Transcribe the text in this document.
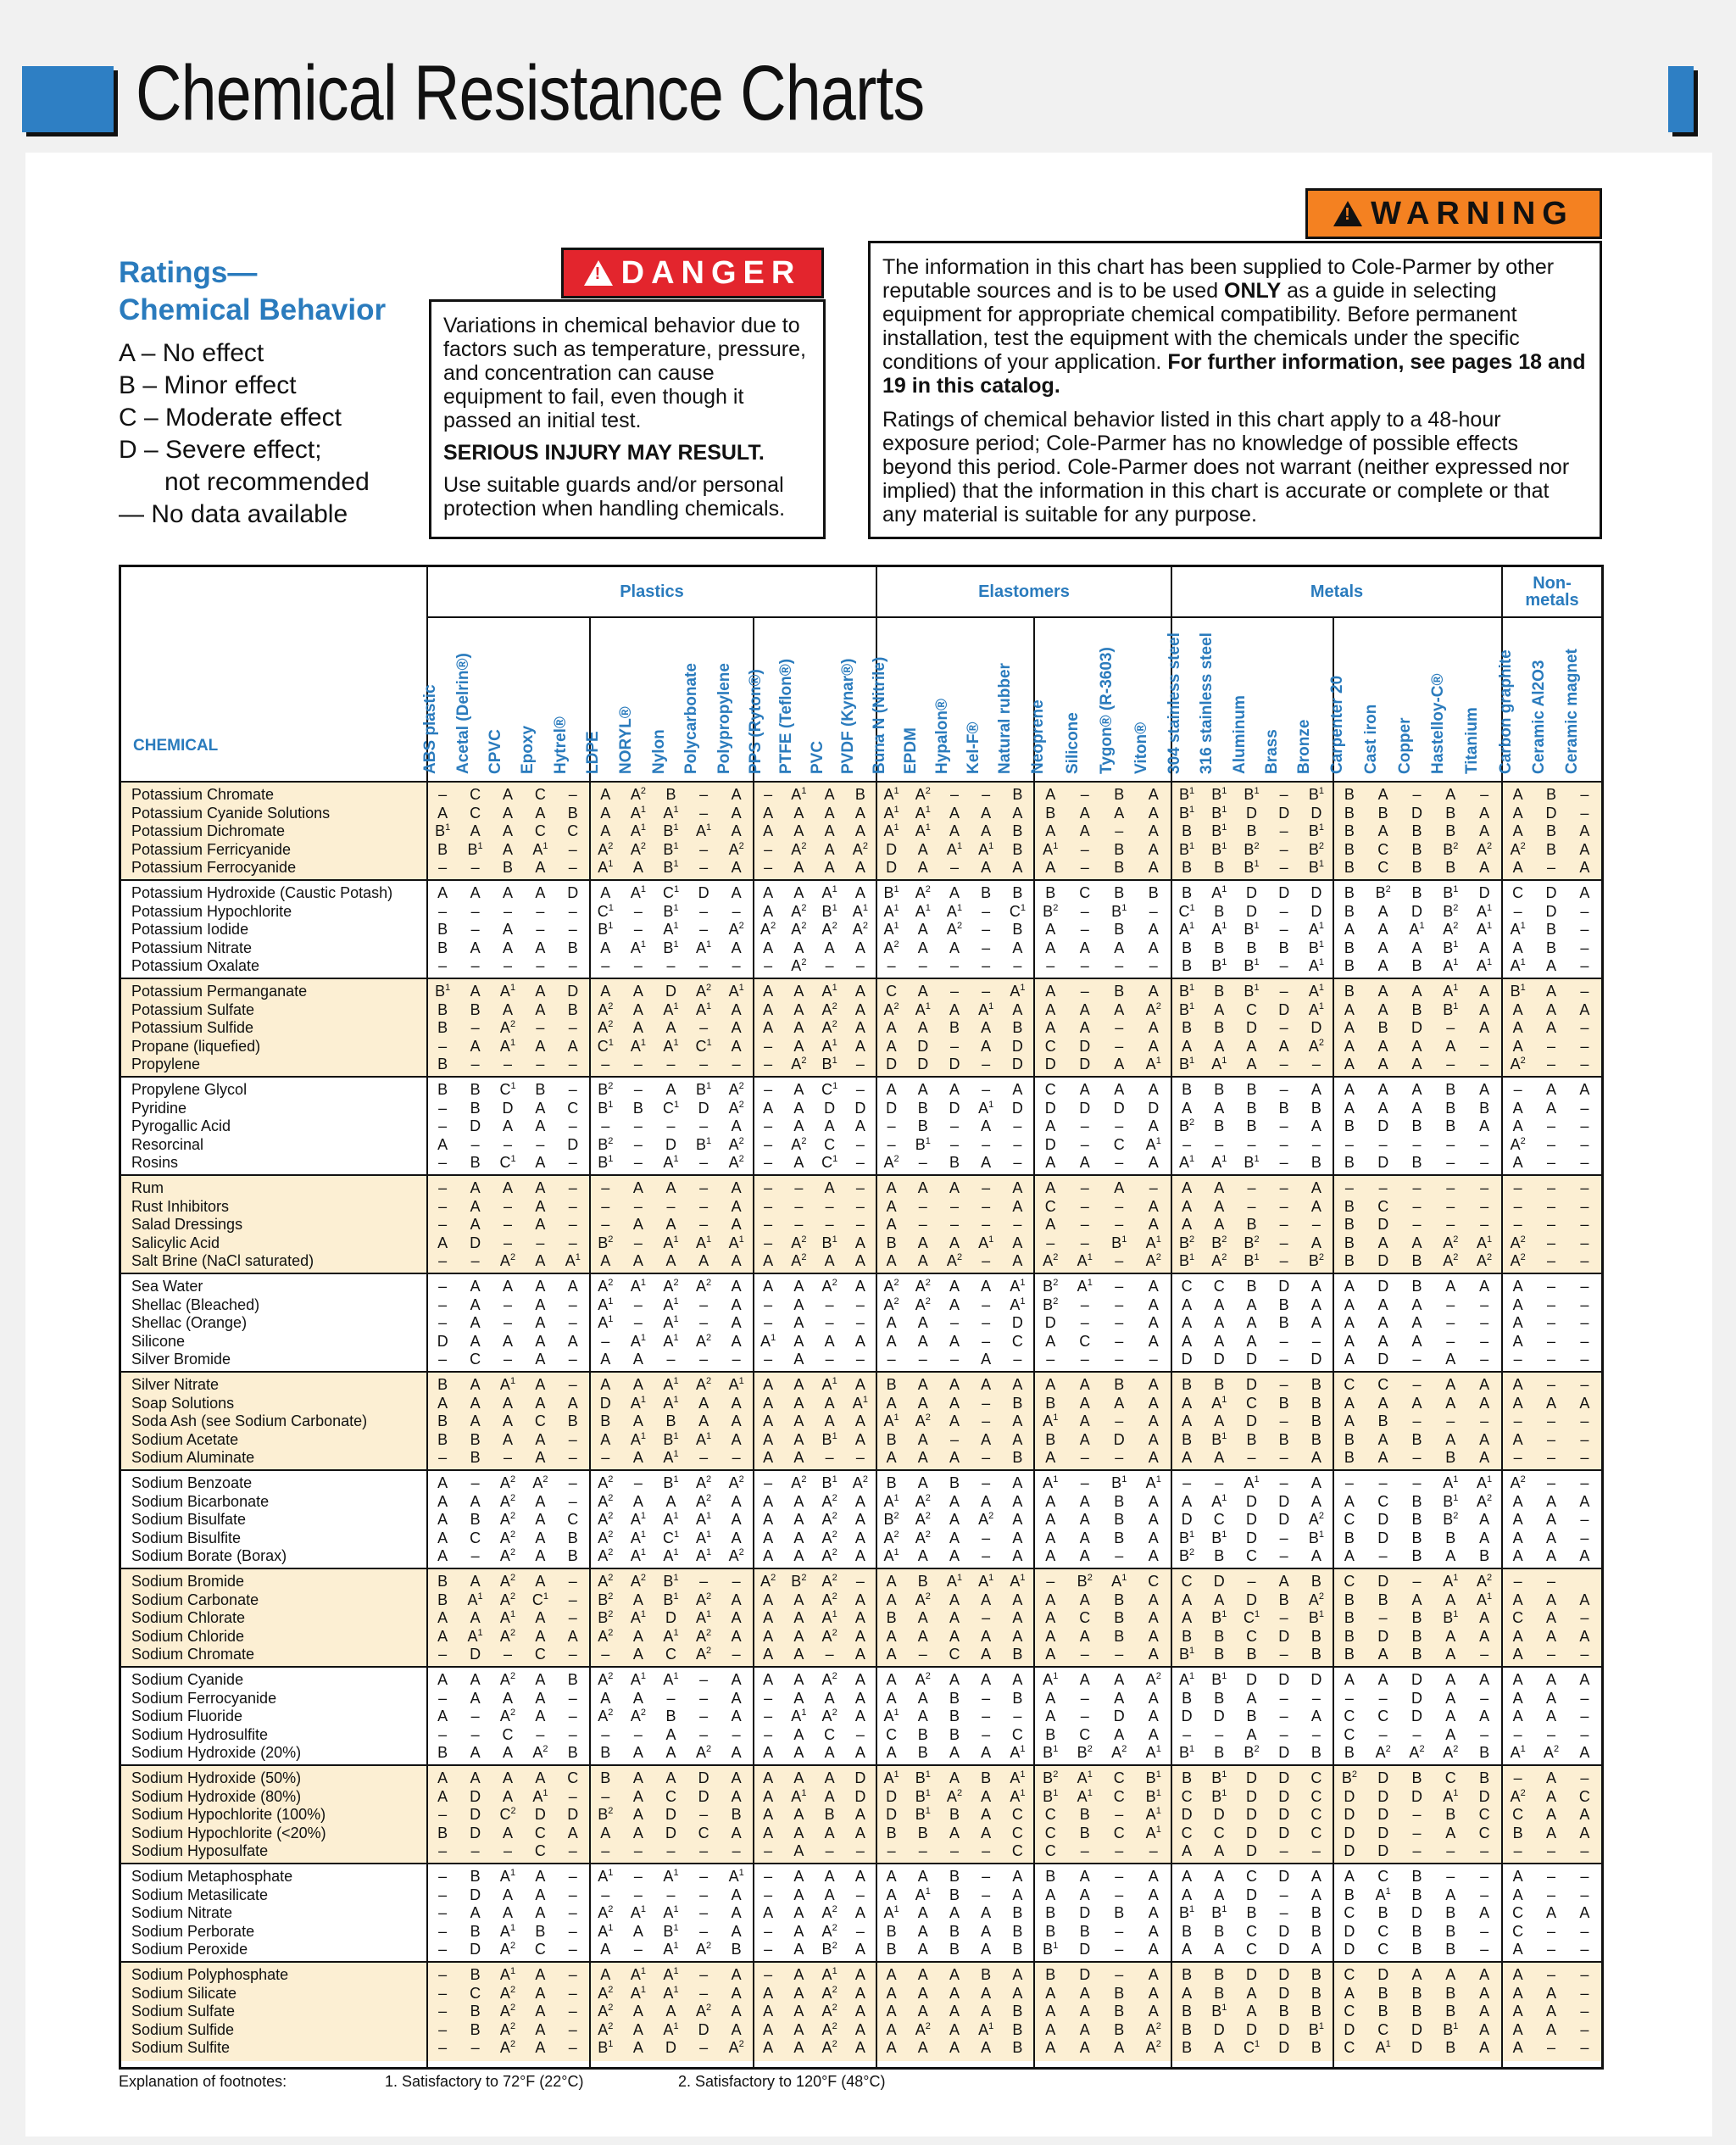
Chemical Resistance Charts
Ratings—
Chemical Behavior
A – No effect
B – Minor effect
C – Moderate effect
D – Severe effect;
not recommended
— No data available
! DANGER

Variations in chemical behavior due to factors such as temperature, pressure, and concentration can cause equipment to fail, even though it passed an initial test.

SERIOUS INJURY MAY RESULT.

Use suitable guards and/or personal protection when handling chemicals.

! WARNING

The information in this chart has been supplied to Cole-Parmer by other reputable sources and is to be used ONLY as a guide in selecting equipment for appropriate chemical compatibility. Before permanent installation, test the equipment with the chemicals under the specific conditions of your application. For further information, see pages 18 and 19 in this catalog.

Ratings of chemical behavior listed in this chart apply to a 48-hour exposure period; Cole-Parmer has no knowledge of possible effects beyond this period. Cole-Parmer does not warrant (neither expressed nor implied) that the information in this chart is accurate or complete or that any material is suitable for any purpose.

Plastics	Elastomers	Metals	Non-metals
CHEMICAL	ABS plastic Acetal (Delrin®) CPVC Epoxy Hytrel® LDPE NORYL® Nylon Polycarbonate Polypropylene PPS (Ryton®) PTFE (Teflon®) PVC PVDF (Kynar®) Buna N (Nitrile) EPDM Hypalon® Kel-F® Natural rubber Neoprene Silicone Tygon® (R-3603) Viton® 304 stainless steel 316 stainless steel Aluminum Brass Bronze Carpenter 20 Cast iron Copper Hastelloy-C® Titanium Carbon graphite Ceramic Al2O3 Ceramic magnet
Potassium Chromate	–	C	A	C	–	A	$A^2$	B	–	A	–	$A^1$	A	B	$A^1$	$A^2$	–	–	B	A	–	B	A	$B^1$	$B^1$	$B^1$	–	$B^1$	B	A	–	A	–	A	B	–
Potassium Cyanide Solutions	A	C	A	A	B	A	$A^1$	$A^1$	–	A	A	A	A	A	$A^1$	$A^1$	A	A	A	B	A	A	A	$B^1$	$B^1$	D	D	D	B	B	D	B	A	A	D	–
Potassium Dichromate	$B^1$	A	A	C	C	A	$A^1$	$B^1$	$A^1$	A	A	A	A	A	$A^1$	$A^1$	A	A	B	A	A	–	A	B	$B^1$	B	–	$B^1$	B	A	B	B	A	A	B	A
Potassium Ferricyanide	B	$B^1$	A	$A^1$	–	$A^2$	$A^2$	$B^1$	–	$A^2$	–	$A^2$	A	$A^2$	D	A	$A^1$	$A^1$	B	$A^1$	–	B	A	$B^1$	$B^1$	$B^2$	–	$B^2$	B	C	B	$B^2$	$A^2$	$A^2$	B	A
Potassium Ferrocyanide	–	–	B	A	–	$A^1$	A	$B^1$	–	A	–	A	A	A	D	A	–	A	A	A	–	B	A	B	B	$B^1$	–	$B^1$	B	C	B	B	A	A	–	A
Potassium Hydroxide (Caustic Potash)	A	A	A	A	D	A	$A^1$	$C^1$	D	A	A	A	$A^1$	A	$B^1$	$A^2$	A	B	B	B	C	B	B	B	$A^1$	D	D	D	B	$B^2$	B	$B^1$	D	C	D	A
Potassium Hypochlorite	–	–	–	–	–	$C^1$	–	$B^1$	–	–	A	$A^2$	$B^1$	$A^1$	$A^1$	$A^1$	$A^1$	–	$C^1$	$B^2$	–	$B^1$	–	$C^1$	B	D	–	D	B	A	D	$B^2$	$A^1$	–	D	–
Potassium Iodide	B	–	A	–	–	$B^1$	–	$A^1$	–	$A^2$	$A^2$	$A^2$	$A^2$	$A^2$	$A^1$	A	$A^2$	–	B	A	–	B	A	$A^1$	$A^1$	$B^1$	–	$A^1$	A	A	$A^1$	$A^2$	$A^1$	$A^1$	B	–
Potassium Nitrate	B	A	A	A	B	A	$A^1$	$B^1$	$A^1$	A	A	A	A	A	$A^2$	A	A	–	A	A	A	A	A	B	B	B	B	$B^1$	B	A	A	$B^1$	A	A	B	–
Potassium Oxalate	–	–	–	–	–	–	–	–	–	–	–	$A^2$	–	–	–	–	–	–	–	–	–	–	–	B	$B^1$	$B^1$	–	$A^1$	B	A	B	$A^1$	$A^1$	$A^1$	A	–
Potassium Permanganate	$B^1$	A	$A^1$	A	D	A	A	D	$A^2$	$A^1$	A	A	$A^1$	A	C	A	–	–	$A^1$	A	–	B	A	$B^1$	B	$B^1$	–	$A^1$	B	A	A	$A^1$	A	$B^1$	A	–
Potassium Sulfate	B	B	A	A	B	$A^2$	A	$A^1$	$A^1$	A	A	A	$A^2$	A	$A^2$	$A^1$	A	$A^1$	A	A	A	A	$A^2$	$B^1$	A	C	D	$A^1$	A	A	B	$B^1$	A	A	A	A
Potassium Sulfide	B	–	$A^2$	–	–	$A^2$	A	A	–	A	A	A	$A^2$	A	A	A	B	A	B	A	A	–	A	B	B	D	–	D	A	B	D	–	A	A	A	–
Propane (liquefied)	–	A	$A^1$	A	A	$C^1$	$A^1$	$A^1$	$C^1$	A	–	A	$A^1$	A	A	D	–	A	D	C	D	–	A	A	A	A	A	$A^2$	A	A	A	A	–	A	–	–
Propylene	B	–	–	–	–	–	–	–	–	–	–	$A^2$	$B^1$	–	D	D	D	–	D	D	D	A	$A^1$	$B^1$	$A^1$	A	–	–	A	A	A	–	–	$A^2$	–	–
Propylene Glycol	B	B	$C^1$	B	–	$B^2$	–	A	$B^1$	$A^2$	–	A	$C^1$	–	A	A	A	–	A	C	A	A	A	B	B	B	–	A	A	A	A	B	A	–	A	A
Pyridine	–	B	D	A	C	$B^1$	B	$C^1$	D	$A^2$	A	A	D	D	D	B	D	$A^1$	D	D	D	D	D	A	A	B	B	B	A	A	A	B	B	A	A	–
Pyrogallic Acid	–	D	A	A	–	–	–	–	–	A	–	A	A	A	–	B	–	A	–	A	–	–	A	$B^2$	B	B	–	A	B	D	B	B	A	A	–	–
Resorcinal	A	–	–	–	D	$B^2$	–	D	$B^1$	$A^2$	–	$A^2$	C	–	–	$B^1$	–	–	–	D	–	C	$A^1$	–	–	–	–	–	–	–	–	–	–	$A^2$	–	–
Rosins	–	B	$C^1$	A	–	$B^1$	–	$A^1$	–	$A^2$	–	A	$C^1$	–	$A^2$	–	B	A	–	A	A	–	A	$A^1$	$A^1$	$B^1$	–	B	B	D	B	–	–	A	–	–
Rum	–	A	A	A	–	–	A	A	–	A	–	–	A	–	A	A	A	–	A	A	–	A	–	A	A	–	–	A	–	–	–	–	–	–	–	–
Rust Inhibitors	–	A	–	A	–	–	–	–	–	A	–	–	–	–	A	–	–	–	A	C	–	–	A	A	A	–	–	A	B	C	–	–	–	–	–	–
Salad Dressings	–	A	–	A	–	–	A	A	–	A	–	–	–	–	A	–	–	–	–	A	–	–	A	A	A	B	–	–	B	D	–	–	–	–	–	–
Salicylic Acid	A	D	–	–	–	$B^2$	–	$A^1$	$A^1$	$A^1$	–	$A^2$	$B^1$	A	B	A	A	$A^1$	A	–	–	$B^1$	$A^1$	$B^2$	$B^2$	$B^2$	–	A	B	A	A	$A^2$	$A^1$	$A^2$	–	–
Salt Brine (NaCl saturated)	–	–	$A^2$	A	$A^1$	A	A	A	A	A	A	$A^2$	A	A	A	A	$A^2$	–	A	$A^2$	$A^1$	–	$A^2$	$B^1$	$A^2$	$B^1$	–	$B^2$	B	D	B	$A^2$	$A^2$	$A^2$	–	–
Sea Water	–	A	A	A	A	$A^2$	$A^1$	$A^2$	$A^2$	A	A	A	$A^2$	A	$A^2$	$A^2$	A	A	$A^1$	$B^2$	$A^1$	–	A	C	C	B	D	A	A	D	B	A	A	A	–	–
Shellac (Bleached)	–	A	–	A	–	$A^1$	–	$A^1$	–	A	–	A	–	–	$A^2$	$A^2$	A	–	$A^1$	$B^2$	–	–	A	A	A	A	B	A	A	A	A	–	–	A	–	–
Shellac (Orange)	–	A	–	A	–	$A^1$	–	$A^1$	–	A	–	A	–	–	A	A	–	–	D	D	–	–	A	A	A	A	B	A	A	A	A	–	–	A	–	–
Silicone	D	A	A	A	A	–	$A^1$	$A^1$	$A^2$	A	$A^1$	A	A	A	A	A	A	–	C	A	C	–	A	A	A	A	–	–	A	A	A	–	–	A	–	–
Silver Bromide	–	C	–	A	–	A	A	–	–	–	–	A	–	–	–	–	–	A	–	–	–	–	–	D	D	D	–	D	A	D	–	A	–	–	–	–
Silver Nitrate	B	A	$A^1$	A	–	A	A	$A^1$	$A^2$	$A^1$	A	A	$A^1$	A	B	A	A	A	A	A	A	B	A	B	B	D	–	B	C	C	–	A	A	A	–	–
Soap Solutions	A	A	A	A	A	D	$A^1$	$A^1$	A	A	A	A	A	$A^1$	A	A	A	–	B	B	A	A	A	A	$A^1$	C	B	B	A	A	A	A	A	A	A	A
Soda Ash (see Sodium Carbonate)	B	A	A	C	B	B	A	B	A	A	A	A	A	A	$A^1$	$A^2$	A	–	A	$A^1$	A	–	A	A	A	D	–	B	A	B	–	–	–	–	–	–
Sodium Acetate	B	B	A	A	–	A	$A^1$	$B^1$	$A^1$	A	A	A	$B^1$	A	B	A	–	A	A	B	A	D	A	B	$B^1$	B	B	B	B	A	B	A	A	A	–	–
Sodium Aluminate	–	B	–	A	–	–	A	$A^1$	–	–	A	A	–	–	A	A	A	–	B	A	–	–	A	A	A	–	–	A	B	A	–	B	A	–	–	–
Sodium Benzoate	A	–	$A^2$	$A^2$	–	$A^2$	–	$B^1$	$A^2$	$A^2$	–	$A^2$	$B^1$	$A^2$	B	A	B	–	A	$A^1$	–	$B^1$	$A^1$	–	–	$A^1$	–	A	–	–	–	$A^1$	$A^1$	$A^2$	–	–
Sodium Bicarbonate	A	A	$A^2$	A	–	$A^2$	A	A	$A^2$	A	A	A	$A^2$	A	$A^1$	$A^2$	A	A	A	A	A	B	A	A	$A^1$	D	D	A	A	C	B	$B^1$	$A^2$	A	A	A
Sodium Bisulfate	A	B	$A^2$	A	C	$A^2$	$A^1$	$A^1$	$A^1$	A	A	A	$A^2$	A	$B^2$	$A^2$	A	$A^2$	A	A	A	B	A	D	C	D	D	$A^2$	C	D	B	$B^2$	A	A	A	–
Sodium Bisulfite	A	C	$A^2$	A	B	$A^2$	$A^1$	$C^1$	$A^1$	A	A	A	$A^2$	A	$A^2$	$A^2$	A	–	A	A	A	B	A	$B^1$	$B^1$	D	–	$B^1$	B	D	B	B	A	A	A	–
Sodium Borate (Borax)	A	–	$A^2$	A	B	$A^2$	$A^1$	$A^1$	$A^1$	$A^2$	A	A	$A^2$	A	$A^1$	A	A	–	A	A	A	–	A	$B^2$	B	C	–	A	A	–	B	A	B	A	A	A
Sodium Bromide	B	A	$A^2$	A	–	$A^2$	$A^2$	$B^1$	–	–	$A^2$	$B^2$	$A^2$	–	A	B	$A^1$	$A^1$	$A^1$	–	$B^2$	$A^1$	C	C	D	–	A	B	C	D	–	$A^1$	$A^2$	–	–
Sodium Carbonate	B	$A^1$	$A^2$	$C^1$	–	$B^2$	A	$B^1$	$A^2$	A	A	A	$A^2$	A	A	$A^2$	A	A	A	A	A	B	A	A	A	D	B	$A^2$	B	B	A	A	$A^1$	A	A	A
Sodium Chlorate	A	A	$A^1$	A	–	$B^2$	$A^1$	D	$A^1$	A	A	A	$A^1$	A	B	A	A	–	A	A	C	B	A	A	$B^1$	$C^1$	–	$B^1$	B	–	B	$B^1$	A	C	A	–
Sodium Chloride	A	$A^1$	$A^2$	A	A	$A^2$	A	$A^1$	$A^2$	A	A	A	$A^2$	A	A	A	A	A	A	A	A	B	A	B	B	C	D	B	B	D	B	A	A	A	A	A
Sodium Chromate	–	D	–	C	–	–	A	C	$A^2$	–	A	A	–	A	A	–	C	A	B	A	–	–	A	$B^1$	B	B	–	B	B	A	B	A	–	A	–	–
Sodium Cyanide	A	A	$A^2$	A	B	$A^2$	$A^1$	$A^1$	–	A	A	A	$A^2$	A	A	$A^2$	A	A	A	$A^1$	A	A	$A^2$	$A^1$	$B^1$	D	D	D	A	A	D	A	A	A	A	A
Sodium Ferrocyanide	–	A	A	A	–	A	A	–	–	A	–	A	A	A	A	A	B	–	B	A	–	A	A	B	B	A	–	–	–	–	D	A	–	A	A	–
Sodium Fluoride	A	–	$A^2$	A	–	$A^2$	$A^2$	B	–	A	–	$A^1$	$A^2$	A	$A^1$	A	B	–	–	A	–	D	A	D	D	B	–	A	C	C	D	A	A	A	A	–
Sodium Hydrosulfite	–	–	C	–	–	–	–	A	–	–	–	A	C	–	C	B	B	–	C	B	C	A	A	–	–	A	–	–	C	–	–	A	–	–	–	–
Sodium Hydroxide (20%)	B	A	A	$A^2$	B	B	A	A	$A^2$	A	A	A	A	A	A	B	A	A	$A^1$	$B^1$	$B^2$	$A^2$	$A^1$	$B^1$	B	$B^2$	D	B	B	$A^2$	$A^2$	$A^2$	B	$A^1$	$A^2$	A
Sodium Hydroxide (50%)	A	A	A	A	C	B	A	A	D	A	A	A	A	D	$A^1$	$B^1$	A	B	$A^1$	$B^2$	$A^1$	C	$B^1$	B	$B^1$	D	D	C	$B^2$	D	B	C	B	–	A	–
Sodium Hydroxide (80%)	A	D	A	$A^1$	–	–	A	C	D	A	A	$A^1$	A	D	D	$B^1$	$A^2$	A	$A^1$	$B^1$	$A^1$	C	$B^1$	C	$B^1$	D	D	C	D	D	D	$A^1$	D	$A^2$	A	C
Sodium Hypochlorite (100%)	–	D	$C^2$	D	D	$B^2$	A	D	–	B	A	A	B	A	D	$B^1$	B	A	C	C	B	–	$A^1$	D	D	D	D	C	D	D	–	B	C	C	A	A
Sodium Hypochlorite (<20%)	B	D	A	C	A	A	A	D	C	A	A	A	A	A	B	B	A	A	C	C	B	C	$A^1$	C	C	D	D	C	D	D	–	A	C	B	A	A
Sodium Hyposulfate	–	–	–	C	–	–	–	–	–	–	–	A	–	–	–	–	–	–	C	C	–	–	–	A	A	D	–	–	D	D	–	–	–	–	–	–
Sodium Metaphosphate	–	B	$A^1$	A	–	$A^1$	–	$A^1$	–	$A^1$	–	A	A	A	A	A	B	–	A	B	A	–	A	A	A	C	D	A	A	C	B	–	–	A	–	–
Sodium Metasilicate	–	D	A	A	–	–	–	–	–	A	–	A	A	–	A	$A^1$	B	–	A	A	A	–	A	A	A	D	–	A	B	$A^1$	B	A	–	A	–	–
Sodium Nitrate	–	A	A	A	–	$A^2$	$A^1$	$A^1$	–	A	A	A	$A^2$	A	$A^1$	A	A	A	B	B	D	B	A	$B^1$	$B^1$	B	–	B	C	B	D	B	A	C	A	A
Sodium Perborate	–	B	$A^1$	B	–	$A^1$	A	$B^1$	–	A	–	A	$A^2$	–	B	A	B	A	B	B	B	–	A	B	B	C	D	B	D	C	B	B	–	C	–	–
Sodium Peroxide	–	D	$A^2$	C	–	A	–	$A^1$	$A^2$	B	–	A	$B^2$	A	B	A	B	A	B	$B^1$	D	–	A	A	A	C	D	A	D	C	B	B	–	A	–	–
Sodium Polyphosphate	–	B	$A^1$	A	–	A	$A^1$	$A^1$	–	A	–	A	$A^1$	A	A	A	A	B	A	B	D	–	A	B	B	D	D	B	C	D	A	A	A	A	–	–
Sodium Silicate	–	C	$A^2$	A	–	$A^2$	$A^1$	$A^1$	–	A	A	A	$A^2$	A	A	A	A	A	A	A	A	B	A	A	B	A	D	B	A	B	B	B	A	A	A	–
Sodium Sulfate	–	B	$A^2$	A	–	$A^2$	A	A	$A^2$	A	A	A	$A^2$	A	A	A	A	A	B	A	A	B	A	B	$B^1$	A	B	B	C	B	B	B	A	A	A	–
Sodium Sulfide	–	B	$A^2$	A	–	$A^2$	A	$A^1$	D	A	A	A	$A^2$	A	A	$A^2$	A	$A^1$	B	A	A	B	$A^2$	B	D	D	D	$B^1$	D	C	D	$B^1$	A	A	A	–
Sodium Sulfite	–	–	$A^2$	A	–	$B^1$	A	D	–	$A^2$	A	A	$A^2$	A	A	A	A	A	B	A	A	A	$A^2$	B	A	$C^1$	D	B	C	$A^1$	D	B	A	A	–	–
Explanation of footnotes:	1. Satisfactory to 72°F (22°C)	2. Satisfactory to 120°F (48°C)
